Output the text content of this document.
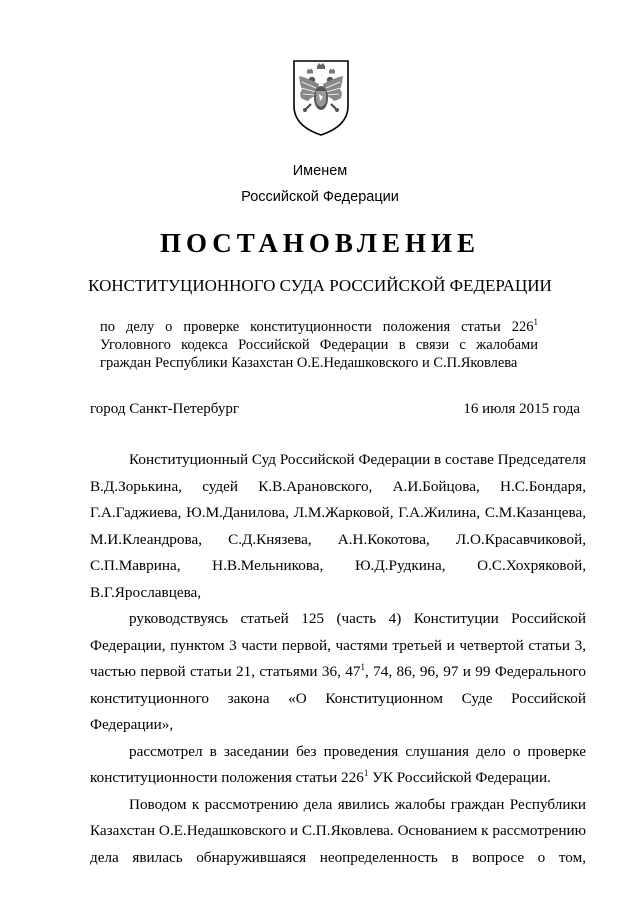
Именем
Российской Федерации
ПОСТАНОВЛЕНИЕ
КОНСТИТУЦИОННОГО СУДА РОССИЙСКОЙ ФЕДЕРАЦИИ
по делу о проверке конституционности положения статьи $226^1$
Уголовного кодекса Российской Федерации в связи с жалобами
граждан Республики Казахстан О.Е.Недашковского и С.П.Яковлева
город Санкт-Петербург	16 июля 2015 года
Конституционный Суд Российской Федерации в составе Председателя
В.Д.Зорькина, судей К.В.Арановского, А.И.Бойцова, Н.С.Бондаря,
Г.А.Гаджиева, Ю.М.Данилова, Л.М.Жарковой, Г.А.Жилина, С.М.Казанцева,
М.И.Клеандрова, С.Д.Князева, А.Н.Кокотова, Л.О.Красавчиковой,
С.П.Маврина, Н.В.Мельникова, Ю.Д.Рудкина, О.С.Хохряковой,
В.Г.Ярославцева,
руководствуясь статьей 125 (часть 4) Конституции Российской
Федерации, пунктом 3 части первой, частями третьей и четвертой статьи 3,
частью первой статьи 21, статьями 36, $47^1$, 74, 86, 96, 97 и 99 Федерального
конституционного закона «О Конституционном Суде Российской
Федерации»,
рассмотрел в заседании без проведения слушания дело о проверке
конституционности положения статьи $226^1$ УК Российской Федерации.
Поводом к рассмотрению дела явились жалобы граждан Республики
Казахстан О.Е.Недашковского и С.П.Яковлева. Основанием к рассмотрению
дела явилась обнаружившаяся неопределенность в вопросе о том,
